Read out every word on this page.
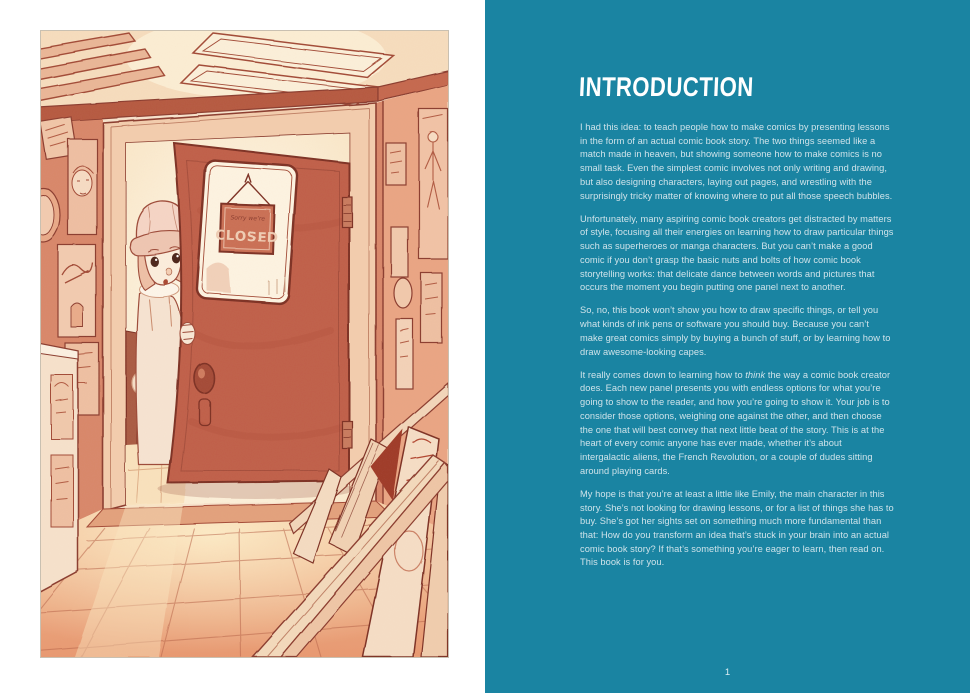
INTRODUCTION

I had this idea: to teach people how to make comics by presenting lessons in the form of an actual comic book story. The two things seemed like a match made in heaven, but showing someone how to make comics is no small task. Even the simplest comic involves not only writing and drawing, but also designing characters, laying out pages, and wrestling with the surprisingly tricky matter of knowing where to put all those speech bubbles.

Unfortunately, many aspiring comic book creators get distracted by matters of style, focusing all their energies on learning how to draw particular things such as superheroes or manga characters. But you can’t make a good comic if you don’t grasp the basic nuts and bolts of how comic book storytelling works: that delicate dance between words and pictures that occurs the moment you begin putting one panel next to another.

So, no, this book won’t show you how to draw specific things, or tell you what kinds of ink pens or software you should buy. Because you can’t make great comics simply by buying a bunch of stuff, or by learning how to draw awesome-looking capes.

It really comes down to learning how to think the way a comic book creator does. Each new panel presents you with endless options for what you’re going to show to the reader, and how you’re going to show it. Your job is to consider those options, weighing one against the other, and then choose the one that will best convey that next little beat of the story. This is at the heart of every comic anyone has ever made, whether it’s about intergalactic aliens, the French Revolution, or a couple of dudes sitting around playing cards.

My hope is that you’re at least a little like Emily, the main character in this story. She’s not looking for drawing lessons, or for a list of things she has to buy. She’s got her sights set on something much more fundamental than that: How do you transform an idea that’s stuck in your brain into an actual comic book story? If that’s something you’re eager to learn, then read on. This book is for you.

1
